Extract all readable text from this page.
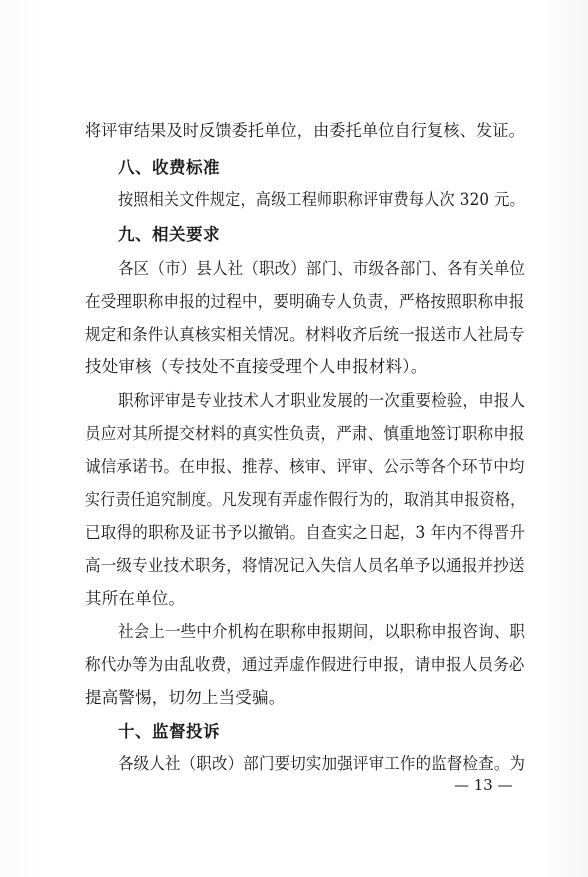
将评审结果及时反馈委托单位，由委托单位自行复核、发证。
八、收费标准
按照相关文件规定，高级工程师职称评审费每人次 320 元。
九、相关要求
各区（市）县人社（职改）部门、市级各部门、各有关单位
在受理职称申报的过程中，要明确专人负责，严格按照职称申报
规定和条件认真核实相关情况。材料收齐后统一报送市人社局专
技处审核（专技处不直接受理个人申报材料）。
职称评审是专业技术人才职业发展的一次重要检验，申报人
员应对其所提交材料的真实性负责，严肃、慎重地签订职称申报
诚信承诺书。在申报、推荐、核审、评审、公示等各个环节中均
实行责任追究制度。凡发现有弄虚作假行为的，取消其申报资格，
已取得的职称及证书予以撤销。自查实之日起，3 年内不得晋升
高一级专业技术职务，将情况记入失信人员名单予以通报并抄送
其所在单位。
社会上一些中介机构在职称申报期间，以职称申报咨询、职
称代办等为由乱收费，通过弄虚作假进行申报，请申报人员务必
提高警惕，切勿上当受骗。
十、监督投诉
各级人社（职改）部门要切实加强评审工作的监督检查。为
— 13 —
